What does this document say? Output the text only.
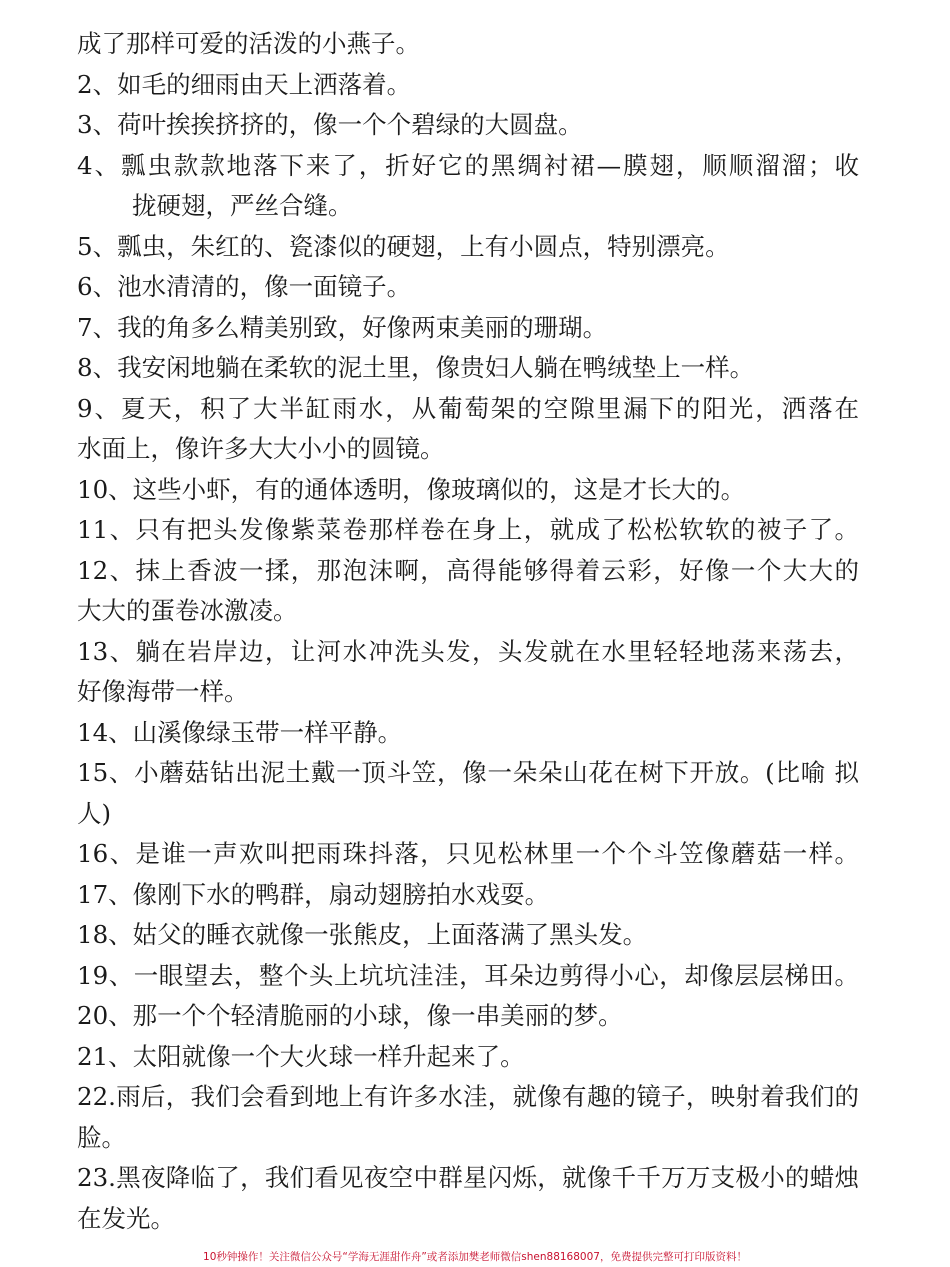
成了那样可爱的活泼的小燕子。
2、如毛的细雨由天上洒落着。
3、荷叶挨挨挤挤的，像一个个碧绿的大圆盘。
4、瓢虫款款地落下来了，折好它的黑绸衬裙—膜翅，顺顺溜溜；收
拢硬翅，严丝合缝。
5、瓢虫，朱红的、瓷漆似的硬翅，上有小圆点，特别漂亮。
6、池水清清的，像一面镜子。
7、我的角多么精美别致，好像两束美丽的珊瑚。
8、我安闲地躺在柔软的泥土里，像贵妇人躺在鸭绒垫上一样。
9、夏天，积了大半缸雨水，从葡萄架的空隙里漏下的阳光，洒落在
水面上，像许多大大小小的圆镜。
10、这些小虾，有的通体透明，像玻璃似的，这是才长大的。
11、只有把头发像紫菜卷那样卷在身上，就成了松松软软的被子了。
12、抹上香波一揉，那泡沫啊，高得能够得着云彩，好像一个大大的
大大的蛋卷冰激凌。
13、躺在岩岸边，让河水冲洗头发，头发就在水里轻轻地荡来荡去，
好像海带一样。
14、山溪像绿玉带一样平静。
15、小蘑菇钻出泥土戴一顶斗笠，像一朵朵山花在树下开放。(比喻 拟
人)
16、是谁一声欢叫把雨珠抖落，只见松林里一个个斗笠像蘑菇一样。
17、像刚下水的鸭群，扇动翅膀拍水戏耍。
18、姑父的睡衣就像一张熊皮，上面落满了黑头发。
19、一眼望去，整个头上坑坑洼洼，耳朵边剪得小心，却像层层梯田。
20、那一个个轻清脆丽的小球，像一串美丽的梦。
21、太阳就像一个大火球一样升起来了。
22.雨后，我们会看到地上有许多水洼，就像有趣的镜子，映射着我们的
脸。
23.黑夜降临了，我们看见夜空中群星闪烁，就像千千万万支极小的蜡烛
在发光。
10秒钟操作！关注微信公众号“学海无涯甜作舟”或者添加樊老师微信shen88168007，免费提供完整可打印版资料！
